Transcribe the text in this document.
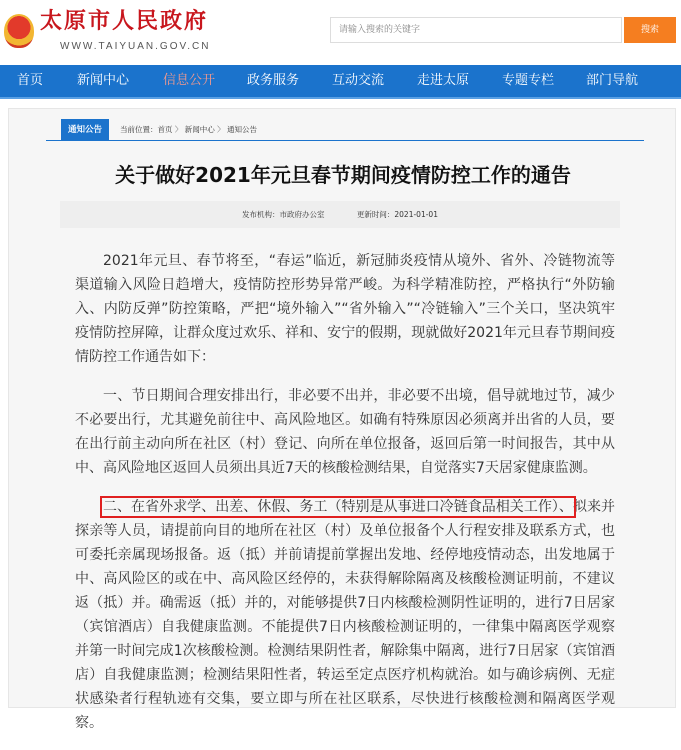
太原市人民政府
WWW.TAIYUAN.GOV.CN
请输入搜索的关键字	搜索
首页	新闻中心	信息公开 政务服务	互动交流	走进太原	专题专栏 部门导航
通知公告	当前位置：首页 〉 新闻中心 〉 通知公告
关于做好2021年元旦春节期间疫情防控工作的通告
发布机构：市政府办公室	更新时间：2021-01-01

2021年元旦、春节将至，“春运”临近，新冠肺炎疫情从境外、省外、冷链物流等渠道输入风险日趋增大，疫情防控形势异常严峻。为科学精准防控，严格执行“外防输入、内防反弹”防控策略，严把“境外输入”“省外输入”“冷链输入”三个关口，坚决筑牢疫情防控屏障，让群众度过欢乐、祥和、安宁的假期，现就做好2021年元旦春节期间疫情防控工作通告如下：

一、节日期间合理安排出行，非必要不出并，非必要不出境，倡导就地过节，减少不必要出行，尤其避免前往中、高风险地区。如确有特殊原因必须离并出省的人员，要在出行前主动向所在社区（村）登记、向所在单位报备，返回后第一时间报告，其中从中、高风险地区返回人员须出具近7天的核酸检测结果，自觉落实7天居家健康监测。

二、在省外求学、出差、休假、务工（特别是从事进口冷链食品相关工作）、拟来并探亲等人员，请提前向目的地所在社区（村）及单位报备个人行程安排及联系方式，也可委托亲属现场报备。返（抵）并前请提前掌握出发地、经停地疫情动态，出发地属于中、高风险区的或在中、高风险区经停的，未获得解除隔离及核酸检测证明前，不建议返（抵）并。确需返（抵）并的，对能够提供7日内核酸检测阴性证明的，进行7日居家（宾馆酒店）自我健康监测。不能提供7日内核酸检测证明的，一律集中隔离医学观察并第一时间完成1次核酸检测。检测结果阴性者，解除集中隔离，进行7日居家（宾馆酒店）自我健康监测；检测结果阳性者，转运至定点医疗机构就治。如与确诊病例、无症状感染者行程轨迹有交集，要立即与所在社区联系，尽快进行核酸检测和隔离医学观察。
